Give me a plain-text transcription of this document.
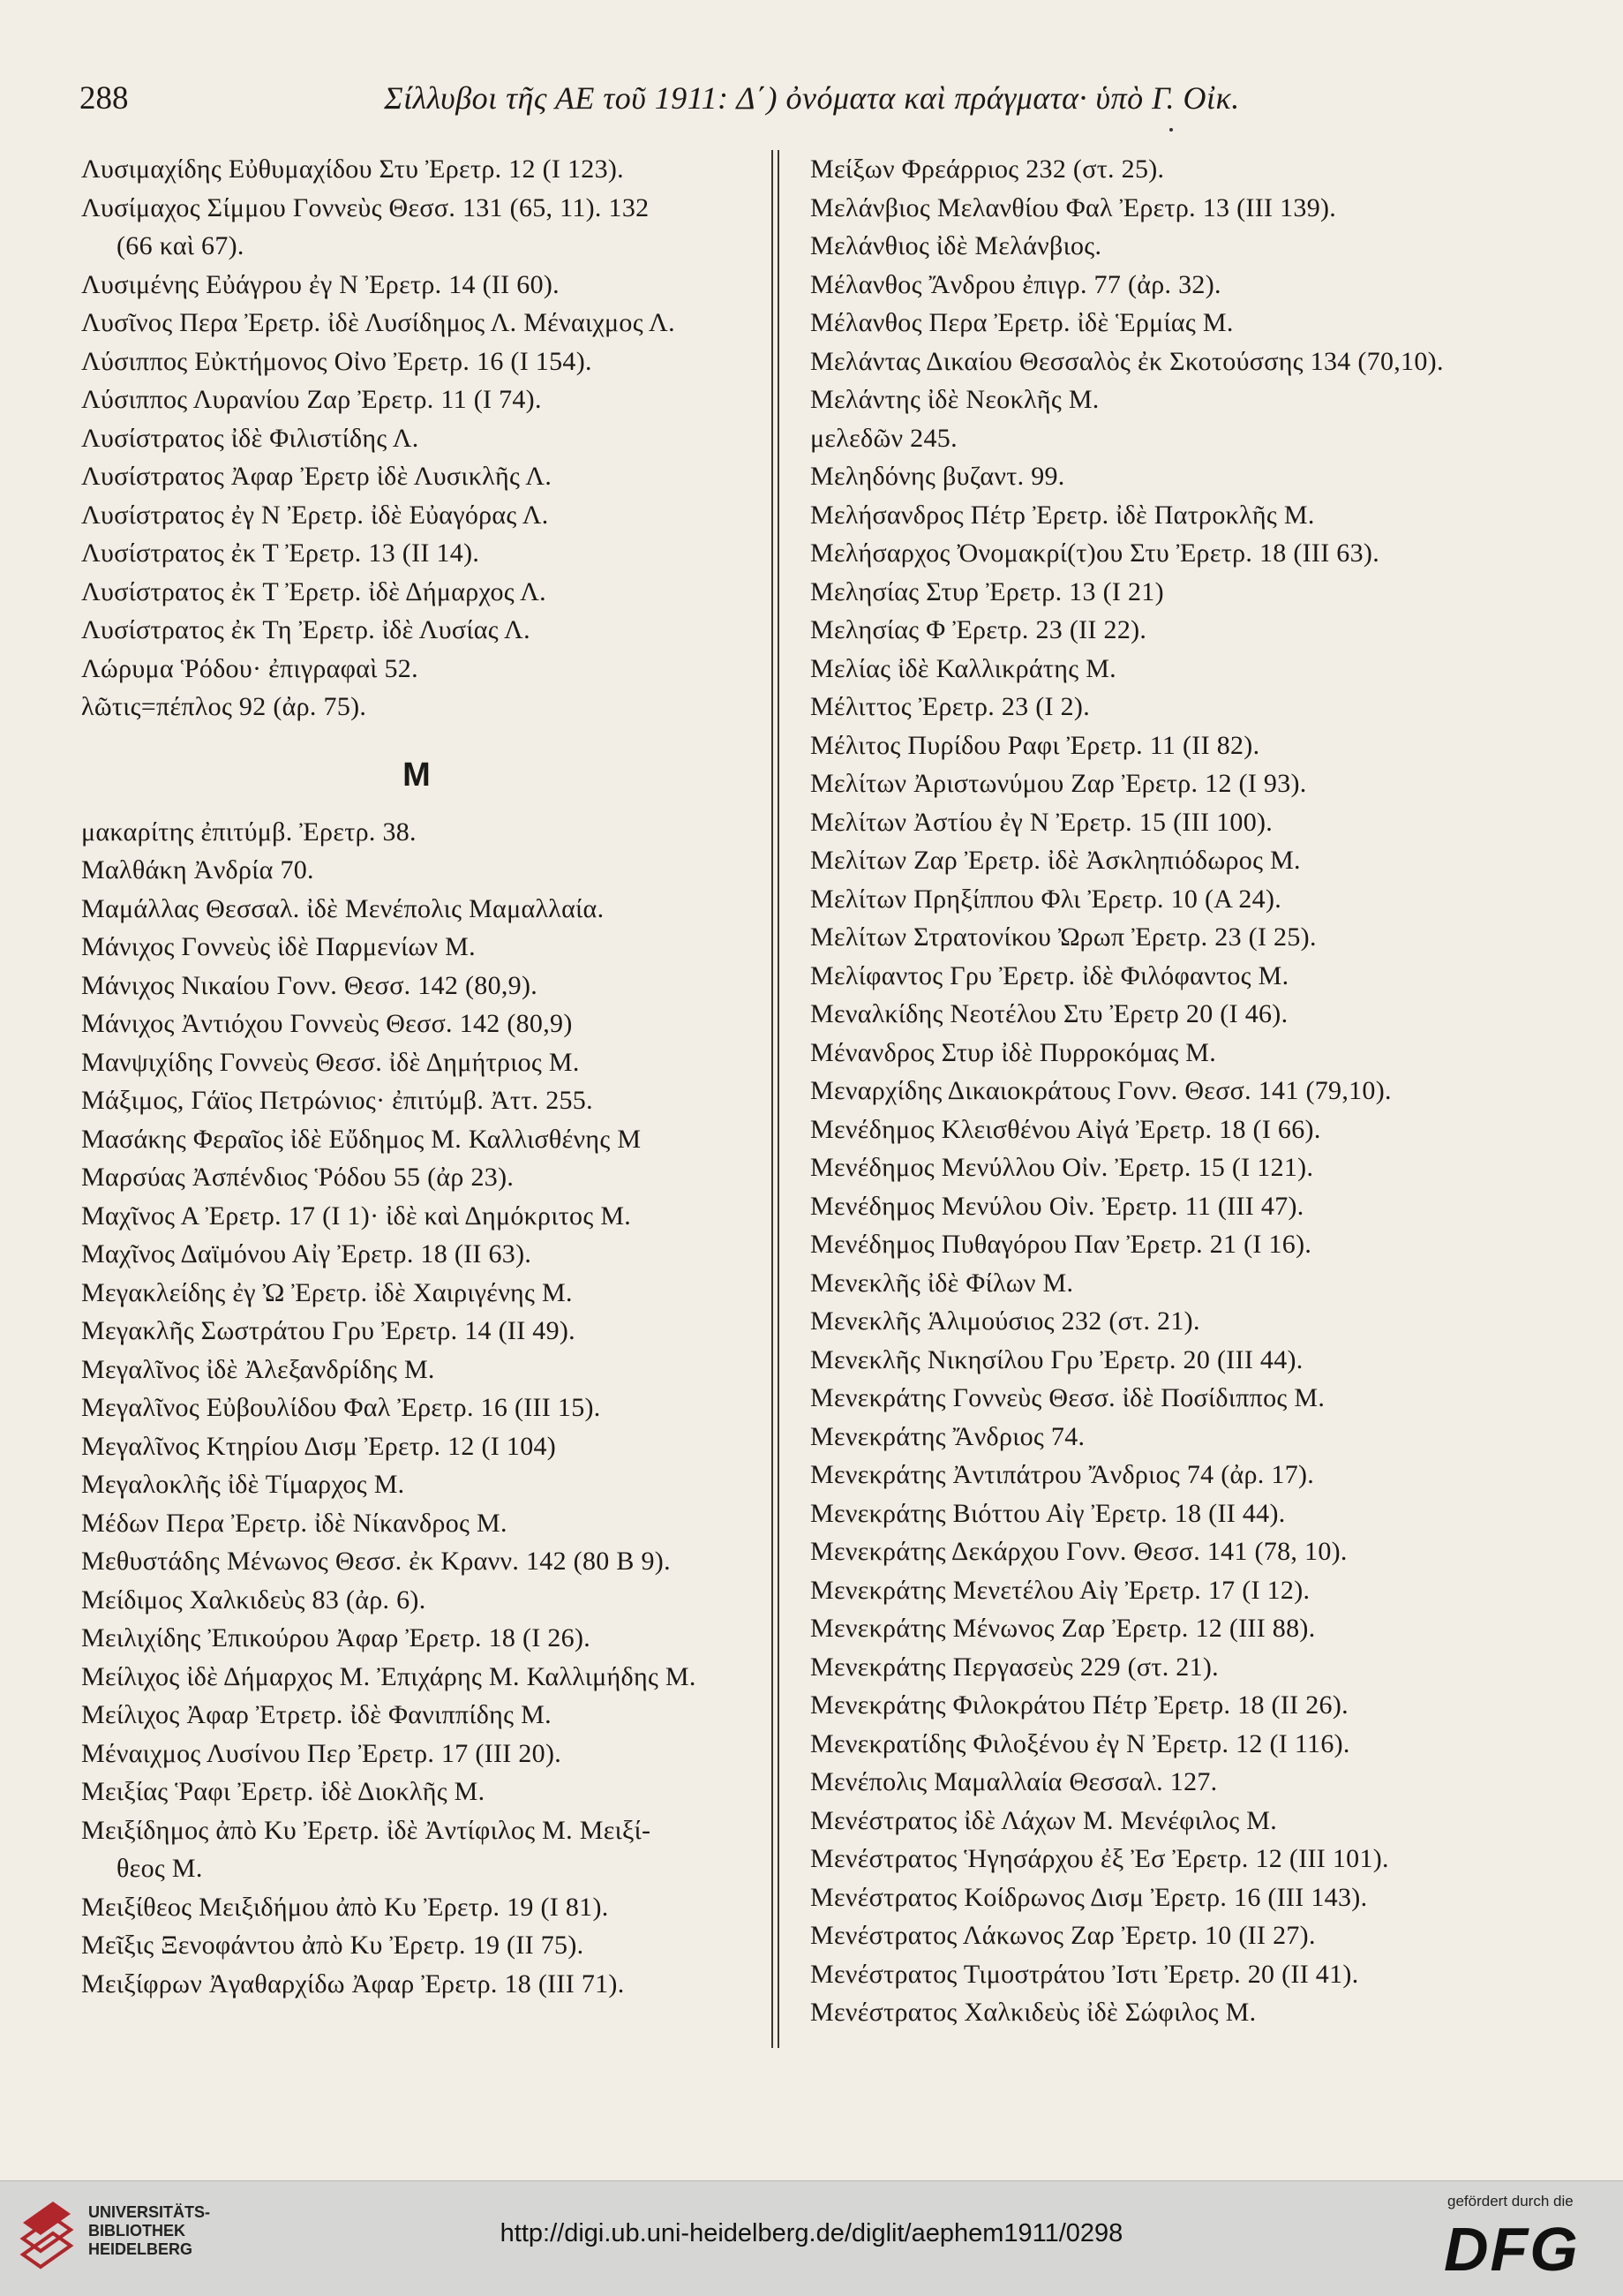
288	Σίλλυβοι τῆς ΑΕ τοῦ 1911: Δ΄) ὀνόματα καὶ πράγματα· ὑπὸ Γ. Οἰκ.
Λυσιμαχίδης Εὐθυμαχίδου Στυ Ἐρετρ. 12 (Ι 123).
Λυσίμαχος Σίμμου Γοννεὺς Θεσσ. 131 (65, 11). 132
(66 καὶ 67).
Λυσιμένης Εὐάγρου ἐγ Ν Ἐρετρ. 14 (ΙΙ 60).
Λυσῖνος Περα Ἐρετρ. ἰδὲ Λυσίδημος Λ. Μέναιχμος Λ.
Λύσιππος Εὐκτήμονος Οἰνο Ἐρετρ. 16 (Ι 154).
Λύσιππος Λυρανίου Ζαρ Ἐρετρ. 11 (Ι 74).
Λυσίστρατος ἰδὲ Φιλιστίδης Λ.
Λυσίστρατος Ἀφαρ Ἐρετρ ἰδὲ Λυσικλῆς Λ.
Λυσίστρατος ἐγ Ν Ἐρετρ. ἰδὲ Εὐαγόρας Λ.
Λυσίστρατος ἐκ Τ Ἐρετρ. 13 (ΙΙ 14).
Λυσίστρατος ἐκ Τ Ἐρετρ. ἰδὲ Δήμαρχος Λ.
Λυσίστρατος ἐκ Τη Ἐρετρ. ἰδὲ Λυσίας Λ.
Λώρυμα Ῥόδου· ἐπιγραφαὶ 52.
λῶτις=πέπλος 92 (ἀρ. 75).
Μ
μακαρίτης ἐπιτύμβ. Ἐρετρ. 38.
Μαλθάκη Ἀνδρία 70.
Μαμάλλας Θεσσαλ. ἰδὲ Μενέπολις Μαμαλλαία.
Μάνιχος Γοννεὺς ἰδὲ Παρμενίων Μ.
Μάνιχος Νικαίου Γονν. Θεσσ. 142 (80,9).
Μάνιχος Ἀντιόχου Γοννεὺς Θεσσ. 142 (80,9)
Μανψιχίδης Γοννεὺς Θεσσ. ἰδὲ Δημήτριος Μ.
Μάξιμος, Γάϊος Πετρώνιος· ἐπιτύμβ. Ἀττ. 255.
Μασάκης Φεραῖος ἰδὲ Εὔδημος Μ. Καλλισθένης Μ
Μαρσύας Ἀσπένδιος Ῥόδου 55 (ἀρ 23).
Μαχῖνος Α Ἐρετρ. 17 (Ι 1)· ἰδὲ καὶ Δημόκριτος Μ.
Μαχῖνος Δαϊμόνου Αἰγ Ἐρετρ. 18 (ΙΙ 63).
Μεγακλείδης ἐγ Ὠ Ἐρετρ. ἰδὲ Χαιριγένης Μ.
Μεγακλῆς Σωστράτου Γρυ Ἐρετρ. 14 (ΙΙ 49).
Μεγαλῖνος ἰδὲ Ἀλεξανδρίδης Μ.
Μεγαλῖνος Εὐβουλίδου Φαλ Ἐρετρ. 16 (ΙΙΙ 15).
Μεγαλῖνος Κτηρίου Δισμ Ἐρετρ. 12 (Ι 104)
Μεγαλοκλῆς ἰδὲ Τίμαρχος Μ.
Μέδων Περα Ἐρετρ. ἰδὲ Νίκανδρος Μ.
Μεθυστάδης Μένωνος Θεσσ. ἐκ Κρανν. 142 (80 Β 9).
Μείδιμος Χαλκιδεὺς 83 (ἀρ. 6).
Μειλιχίδης Ἐπικούρου Ἀφαρ Ἐρετρ. 18 (Ι 26).
Μείλιχος ἰδὲ Δήμαρχος Μ. Ἐπιχάρης Μ. Καλλιμήδης Μ.
Μείλιχος Ἀφαρ Ἐτρετρ. ἰδὲ Φανιππίδης Μ.
Μέναιχμος Λυσίνου Περ Ἐρετρ. 17 (ΙΙΙ 20).
Μειξίας Ῥαφι Ἐρετρ. ἰδὲ Διοκλῆς Μ.
Μειξίδημος ἀπὸ Κυ Ἐρετρ. ἰδὲ Ἀντίφιλος Μ. Μειξί-
θεος Μ.
Μειξίθεος Μειξιδήμου ἀπὸ Κυ Ἐρετρ. 19 (Ι 81).
Μεῖξις Ξενοφάντου ἀπὸ Κυ Ἐρετρ. 19 (ΙΙ 75).
Μειξίφρων Ἀγαθαρχίδω Ἀφαρ Ἐρετρ. 18 (ΙΙΙ 71).
Μείξων Φρεάρριος 232 (στ. 25).
Μελάνβιος Μελανθίου Φαλ Ἐρετρ. 13 (ΙΙΙ 139).
Μελάνθιος ἰδὲ Μελάνβιος.
Μέλανθος Ἄνδρου ἐπιγρ. 77 (ἀρ. 32).
Μέλανθος Περα Ἐρετρ. ἰδὲ Ἑρμίας Μ.
Μελάντας Δικαίου Θεσσαλὸς ἐκ Σκοτούσσης 134 (70,10).
Μελάντης ἰδὲ Νεοκλῆς Μ.
μελεδῶν 245.
Μεληδόνης βυζαντ. 99.
Μελήσανδρος Πέτρ Ἐρετρ. ἰδὲ Πατροκλῆς Μ.
Μελήσαρχος Ὀνομακρί(τ)ου Στυ Ἐρετρ. 18 (ΙΙΙ 63).
Μελησίας Στυρ Ἐρετρ. 13 (Ι 21)
Μελησίας Φ Ἐρετρ. 23 (ΙΙ 22).
Μελίας ἰδὲ Καλλικράτης Μ.
Μέλιττος Ἐρετρ. 23 (Ι 2).
Μέλιτος Πυρίδου Ραφι Ἐρετρ. 11 (ΙΙ 82).
Μελίτων Ἀριστωνύμου Ζαρ Ἐρετρ. 12 (Ι 93).
Μελίτων Ἀστίου ἐγ Ν Ἐρετρ. 15 (ΙΙΙ 100).
Μελίτων Ζαρ Ἐρετρ. ἰδὲ Ἀσκληπιόδωρος Μ.
Μελίτων Πρηξίππου Φλι Ἐρετρ. 10 (Α 24).
Μελίτων Στρατονίκου Ὠρωπ Ἐρετρ. 23 (Ι 25).
Μελίφαντος Γρυ Ἐρετρ. ἰδὲ Φιλόφαντος Μ.
Μεναλκίδης Νεοτέλου Στυ Ἐρετρ 20 (Ι 46).
Μένανδρος Στυρ ἰδὲ Πυρροκόμας Μ.
Μεναρχίδης Δικαιοκράτους Γονν. Θεσσ. 141 (79,10).
Μενέδημος Κλεισθένου Αἰγά Ἐρετρ. 18 (Ι 66).
Μενέδημος Μενύλλου Οἰν. Ἐρετρ. 15 (Ι 121).
Μενέδημος Μενύλου Οἰν. Ἐρετρ. 11 (ΙΙΙ 47).
Μενέδημος Πυθαγόρου Παν Ἐρετρ. 21 (Ι 16).
Μενεκλῆς ἰδὲ Φίλων Μ.
Μενεκλῆς Ἁλιμούσιος 232 (στ. 21).
Μενεκλῆς Νικησίλου Γρυ Ἐρετρ. 20 (ΙΙΙ 44).
Μενεκράτης Γοννεὺς Θεσσ. ἰδὲ Ποσίδιππος Μ.
Μενεκράτης Ἄνδριος 74.
Μενεκράτης Ἀντιπάτρου Ἄνδριος 74 (ἀρ. 17).
Μενεκράτης Βιόττου Αἰγ Ἐρετρ. 18 (ΙΙ 44).
Μενεκράτης Δεκάρχου Γονν. Θεσσ. 141 (78, 10).
Μενεκράτης Μενετέλου Αἰγ Ἐρετρ. 17 (Ι 12).
Μενεκράτης Μένωνος Ζαρ Ἐρετρ. 12 (ΙΙΙ 88).
Μενεκράτης Περγασεὺς 229 (στ. 21).
Μενεκράτης Φιλοκράτου Πέτρ Ἐρετρ. 18 (ΙΙ 26).
Μενεκρατίδης Φιλοξένου ἐγ Ν Ἐρετρ. 12 (Ι 116).
Μενέπολις Μαμαλλαία Θεσσαλ. 127.
Μενέστρατος ἰδὲ Λάχων Μ. Μενέφιλος Μ.
Μενέστρατος Ἡγησάρχου ἐξ Ἐσ Ἐρετρ. 12 (ΙΙΙ 101).
Μενέστρατος Κοίδρωνος Δισμ Ἐρετρ. 16 (ΙΙΙ 143).
Μενέστρατος Λάκωνος Ζαρ Ἐρετρ. 10 (ΙΙ 27).
Μενέστρατος Τιμοστράτου Ἰστι Ἐρετρ. 20 (ΙΙ 41).
Μενέστρατος Χαλκιδεὺς ἰδὲ Σώφιλος Μ.
UNIVERSITÄTS-
BIBLIOTHEK
HEIDELBERG
http://digi.ub.uni-heidelberg.de/diglit/aephem1911/0298
gefördert durch die
DFG
